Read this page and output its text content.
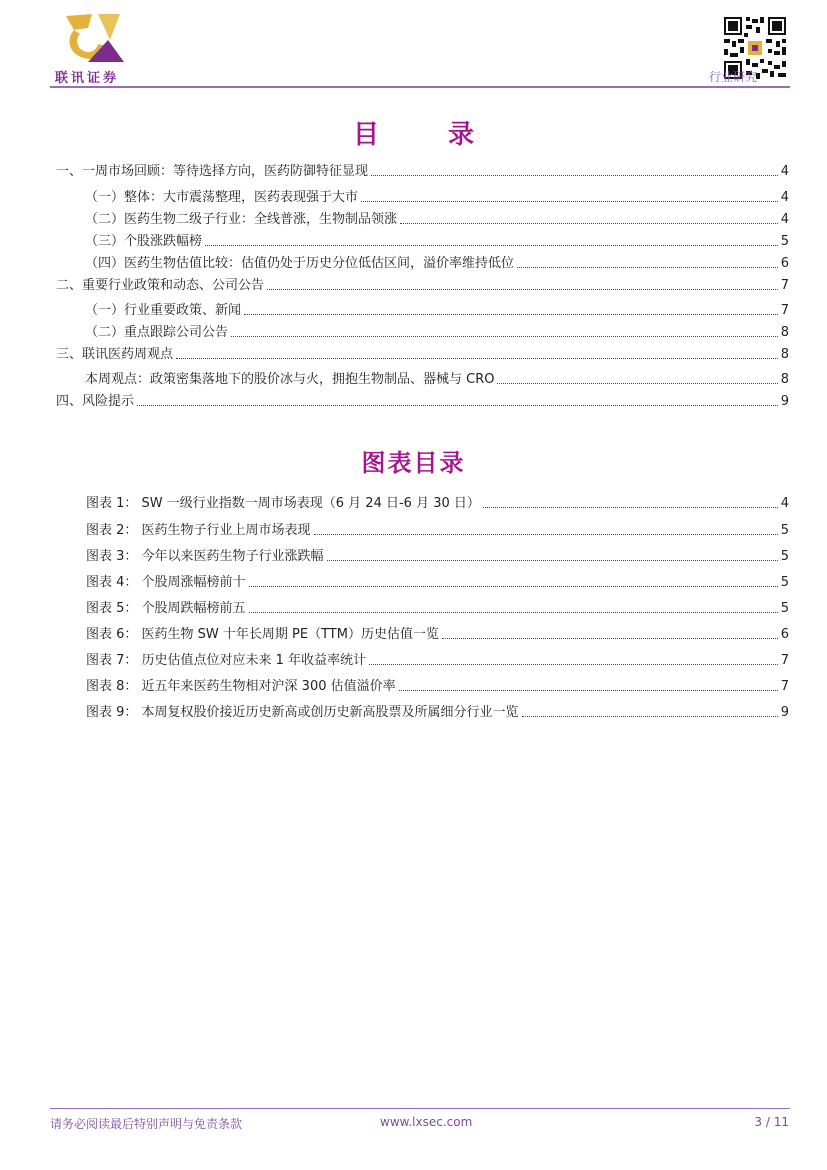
联讯证券	行业研究
目 录
一、一周市场回顾：等待选择方向，医药防御特征显现	4
（一）整体：大市震荡整理，医药表现强于大市	4
（二）医药生物二级子行业：全线普涨，生物制品领涨	4
（三）个股涨跌幅榜	5
（四）医药生物估值比较：估值仍处于历史分位低估区间，溢价率维持低位	6
二、重要行业政策和动态、公司公告	7
（一）行业重要政策、新闻	7
（二）重点跟踪公司公告	8
三、联讯医药周观点	8
本周观点：政策密集落地下的股价冰与火，拥抱生物制品、器械与 CRO	8
四、风险提示	9
图表目录
图表 1： SW 一级行业指数一周市场表现（6 月 24 日-6 月 30 日）	4
图表 2： 医药生物子行业上周市场表现	5
图表 3： 今年以来医药生物子行业涨跌幅	5
图表 4： 个股周涨幅榜前十	5
图表 5： 个股周跌幅榜前五	5
图表 6： 医药生物 SW 十年长周期 PE（TTM）历史估值一览	6
图表 7： 历史估值点位对应未来 1 年收益率统计	7
图表 8： 近五年来医药生物相对沪深 300 估值溢价率	7
图表 9： 本周复权股价接近历史新高或创历史新高股票及所属细分行业一览	9
请务必阅读最后特别声明与免责条款	www.lxsec.com	3 / 11
